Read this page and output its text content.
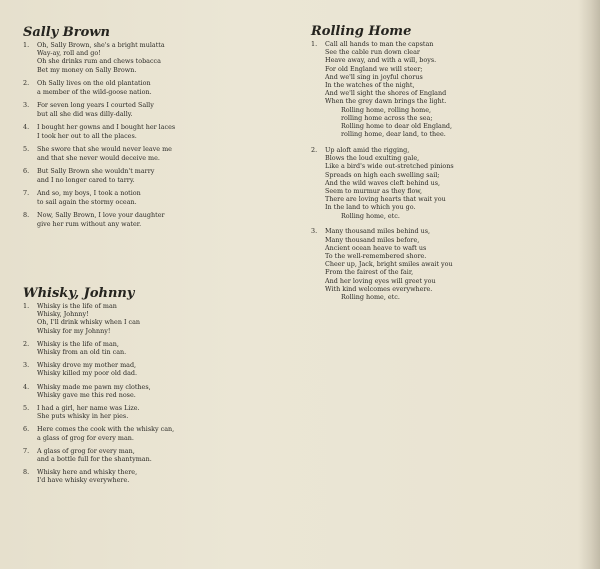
Sally Brown
1. Oh, Sally Brown, she's a bright mulatta
Way-ay, roll and go!
Oh she drinks rum and chews tobacca
Bet my money on Sally Brown.
2. Oh Sally lives on the old plantation
a member of the wild-goose nation.
3. For seven long years I courted Sally
but all she did was dilly-dally.
4. I bought her gowns and I bought her laces
I took her out to all the places.
5. She swore that she would never leave me
and that she never would deceive me.
6. But Sally Brown she wouldn't marry
and I no longer cared to tarry.
7. And so, my boys, I took a notion
to sail again the stormy ocean.
8. Now, Sally Brown, I love your daughter
give her rum without any water.
Rolling Home
1. Call all hands to man the capstan
See the cable run down clear
Heave away, and with a will, boys.
For old England we will steer;
And we'll sing in joyful chorus
In the watches of the night,
And we'll sight the shores of England
When the grey dawn brings the light.
Rolling home, rolling home,
rolling home across the sea;
Rolling home to dear old England,
rolling home, dear land, to thee.
2. Up aloft amid the rigging,
Blows the loud exulting gale,
Like a bird's wide out-stretched pinions
Spreads on high each swelling sail;
And the wild waves cleft behind us,
Seem to murmur as they flow,
There are loving hearts that wait you
In the land to which you go.
Rolling home, etc.
3. Many thousand miles behind us,
Many thousand miles before,
Ancient ocean heave to waft us
To the well-remembered shore.
Cheer up, Jack, bright smiles await you
From the fairest of the fair,
And her loving eyes will greet you
With kind welcomes everywhere.
Rolling home, etc.
Whisky, Johnny
1. Whisky is the life of man
Whisky, Johnny!
Oh, I'll drink whisky when I can
Whisky for my Johnny!
2. Whisky is the life of man,
Whisky from an old tin can.
3. Whisky drove my mother mad,
Whisky killed my poor old dad.
4. Whisky made me pawn my clothes,
Whisky gave me this red nose.
5. I had a girl, her name was Lize.
She puts whisky in her pies.
6. Here comes the cook with the whisky can,
a glass of grog for every man.
7. A glass of grog for every man,
and a bottle full for the shantyman.
8. Whisky here and whisky there,
I'd have whisky everywhere.
